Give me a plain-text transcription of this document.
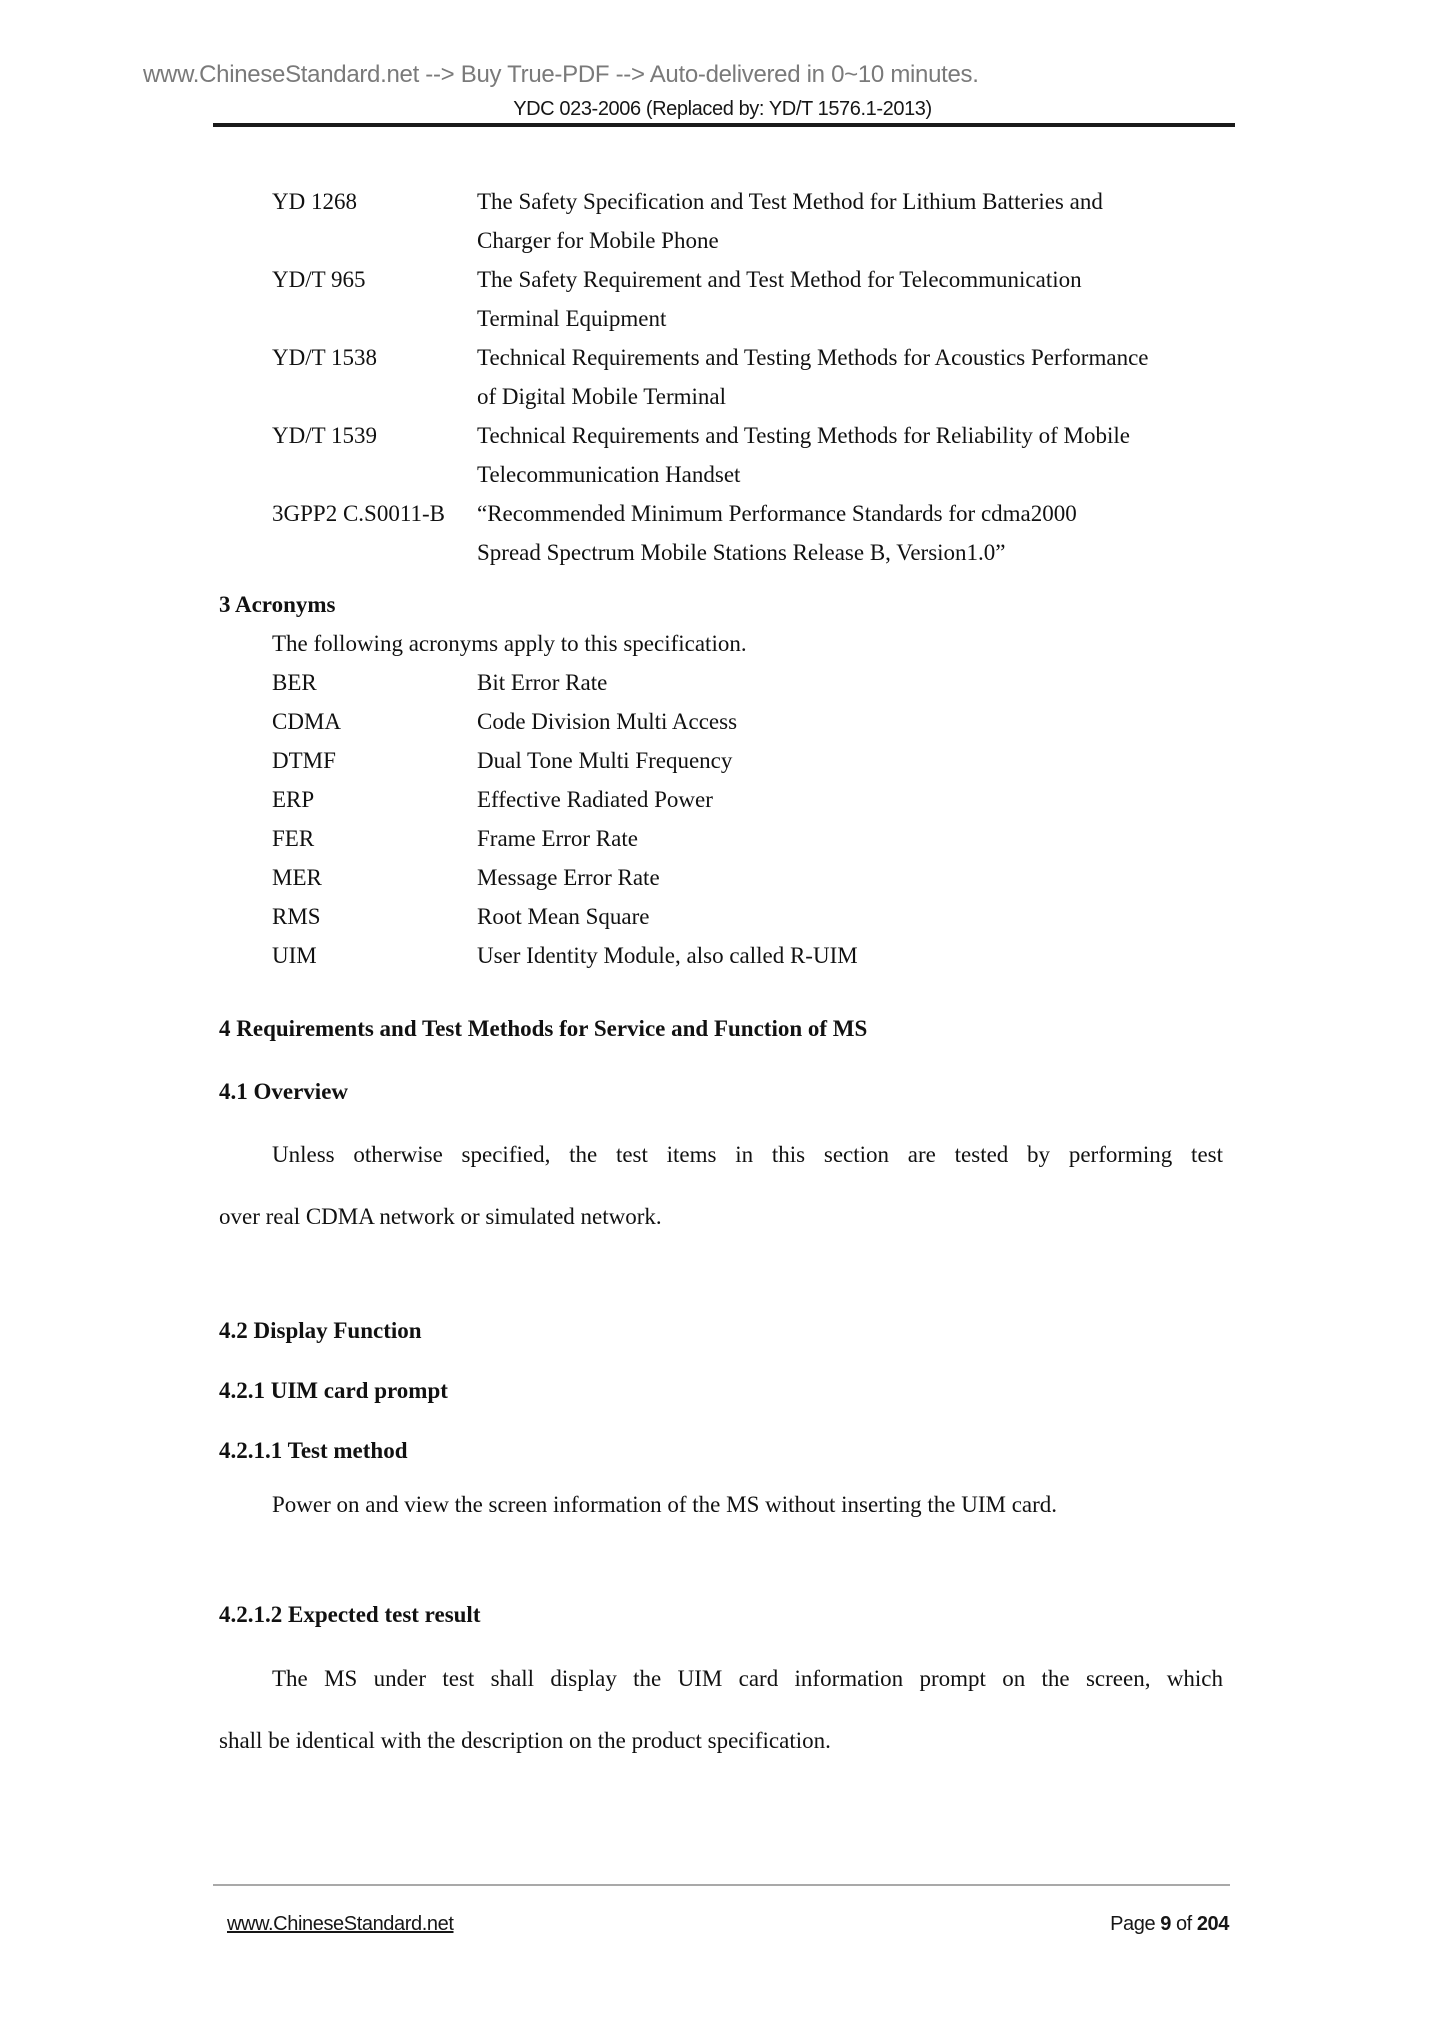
www.ChineseStandard.net --> Buy True-PDF --> Auto-delivered in 0~10 minutes.
YDC 023-2006 (Replaced by: YD/T 1576.1-2013)
YD 1268	The Safety Specification and Test Method for Lithium Batteries and
Charger for Mobile Phone
YD/T 965	The Safety Requirement and Test Method for Telecommunication
Terminal Equipment
YD/T 1538	Technical Requirements and Testing Methods for Acoustics Performance
of Digital Mobile Terminal
YD/T 1539	Technical Requirements and Testing Methods for Reliability of Mobile
Telecommunication Handset
3GPP2 C.S0011-B	“Recommended Minimum Performance Standards for cdma2000
Spread Spectrum Mobile Stations Release B, Version1.0”
3 Acronyms
The following acronyms apply to this specification.
BER	Bit Error Rate
CDMA	Code Division Multi Access
DTMF	Dual Tone Multi Frequency
ERP	Effective Radiated Power
FER	Frame Error Rate
MER	Message Error Rate
RMS	Root Mean Square
UIM	User Identity Module, also called R-UIM
4 Requirements and Test Methods for Service and Function of MS
4.1 Overview
Unless otherwise specified, the test items in this section are tested by performing test
over real CDMA network or simulated network.
4.2 Display Function
4.2.1 UIM card prompt
4.2.1.1 Test method
Power on and view the screen information of the MS without inserting the UIM card.
4.2.1.2 Expected test result
The MS under test shall display the UIM card information prompt on the screen, which
shall be identical with the description on the product specification.
www.ChineseStandard.net	Page 9 of 204
